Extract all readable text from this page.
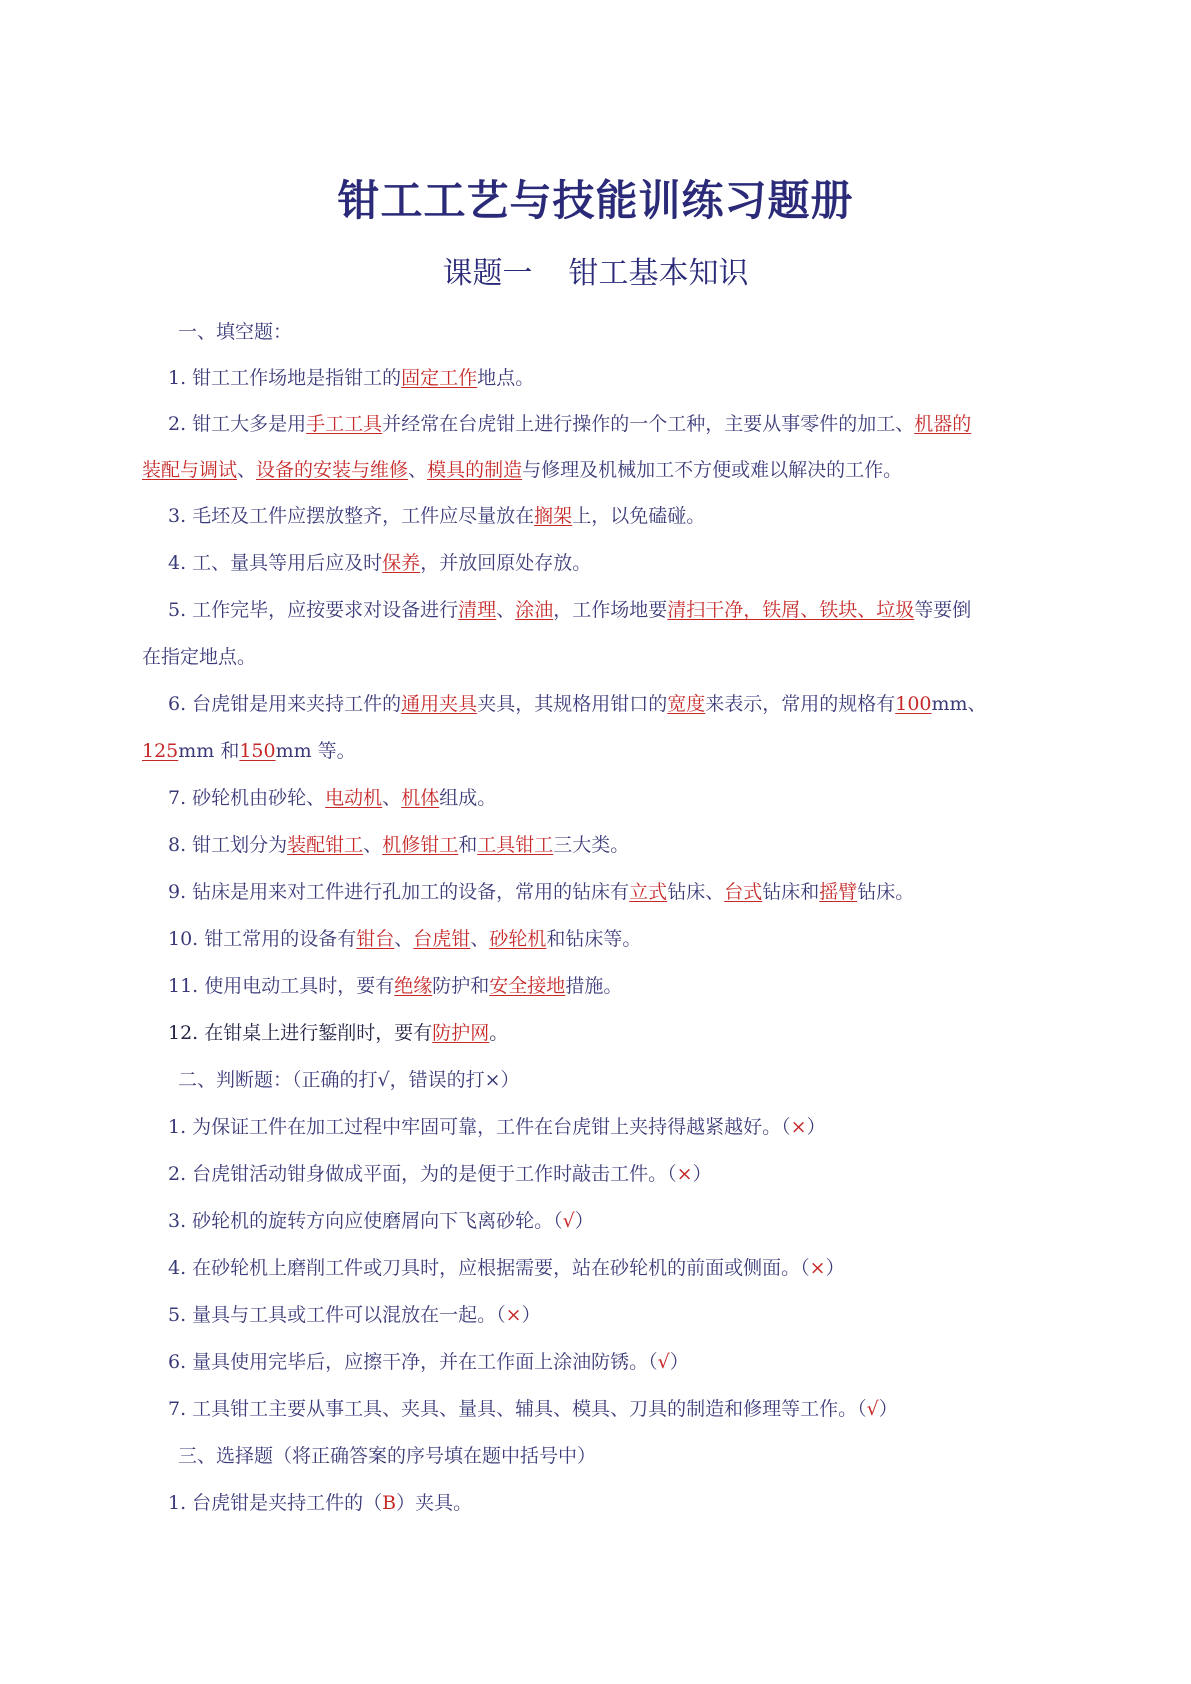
钳工工艺与技能训练习题册
课题一 钳工基本知识
一、填空题：
1. 钳工工作场地是指钳工的固定工作地点。
2. 钳工大多是用手工工具并经常在台虎钳上进行操作的一个工种，主要从事零件的加工、机器的
装配与调试、设备的安装与维修、模具的制造与修理及机械加工不方便或难以解决的工作。
3. 毛坯及工件应摆放整齐，工件应尽量放在搁架上，以免磕碰。
4. 工、量具等用后应及时保养，并放回原处存放。
5. 工作完毕，应按要求对设备进行清理、涂油，工作场地要清扫干净，铁屑、铁块、垃圾等要倒
在指定地点。
6. 台虎钳是用来夹持工件的通用夹具夹具，其规格用钳口的宽度来表示，常用的规格有100mm、
125mm 和150mm 等。
7. 砂轮机由砂轮、电动机、机体组成。
8. 钳工划分为装配钳工、机修钳工和工具钳工三大类。
9. 钻床是用来对工件进行孔加工的设备，常用的钻床有立式钻床、台式钻床和摇臂钻床。
10. 钳工常用的设备有钳台、台虎钳、砂轮机和钻床等。
11. 使用电动工具时，要有绝缘防护和安全接地措施。
12. 在钳桌上进行錾削时，要有防护网。
二、判断题：（正确的打√，错误的打×）
1. 为保证工件在加工过程中牢固可靠，工件在台虎钳上夹持得越紧越好。（×）
2. 台虎钳活动钳身做成平面，为的是便于工作时敲击工件。（×）
3. 砂轮机的旋转方向应使磨屑向下飞离砂轮。（√）
4. 在砂轮机上磨削工件或刀具时，应根据需要，站在砂轮机的前面或侧面。（×）
5. 量具与工具或工件可以混放在一起。（×）
6. 量具使用完毕后，应擦干净，并在工作面上涂油防锈。（√）
7. 工具钳工主要从事工具、夹具、量具、辅具、模具、刀具的制造和修理等工作。（√）
三、选择题（将正确答案的序号填在题中括号中）
1. 台虎钳是夹持工件的（B）夹具。
